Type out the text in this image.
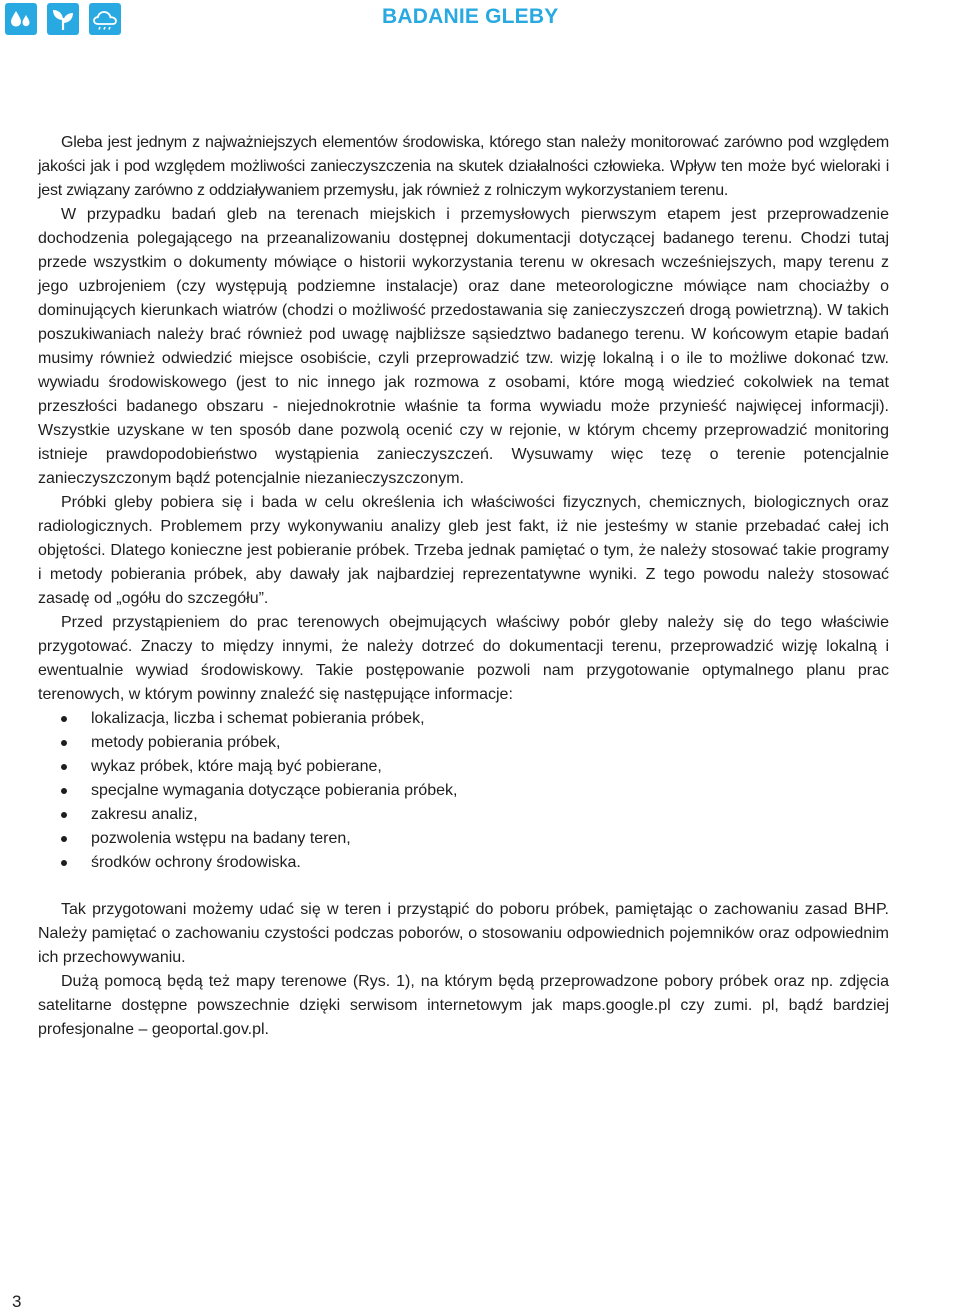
BADANIE GLEBY

Gleba jest jednym z najważniejszych elementów środowiska, którego stan należy monitorować zarówno pod względem jakości jak i pod względem możliwości zanieczyszczenia na skutek działalności człowieka. Wpływ ten może być wieloraki i jest związany zarówno z oddziaływaniem przemysłu, jak również z rolniczym wykorzystaniem terenu.

W przypadku badań gleb na terenach miejskich i przemysłowych pierwszym etapem jest przeprowadzenie dochodzenia polegającego na przeanalizowaniu dostępnej dokumentacji dotyczącej badanego terenu. Chodzi tutaj przede wszystkim o dokumenty mówiące o historii wykorzystania terenu w okresach wcześniejszych, mapy terenu z jego uzbrojeniem (czy występują podziemne instalacje) oraz dane meteorologiczne mówiące nam chociażby o dominujących kierunkach wiatrów (chodzi o możliwość przedostawania się zanieczyszczeń drogą powietrzną). W takich poszukiwaniach należy brać również pod uwagę najbliższe sąsiedztwo badanego terenu. W końcowym etapie badań musimy również odwiedzić miejsce osobiście, czyli przeprowadzić tzw. wizję lokalną i o ile to możliwe dokonać tzw. wywiadu środowiskowego (jest to nic innego jak rozmowa z osobami, które mogą wiedzieć cokolwiek na temat przeszłości badanego obszaru - niejednokrotnie właśnie ta forma wywiadu może przynieść najwięcej informacji). Wszystkie uzyskane w ten sposób dane pozwolą ocenić czy w rejonie, w którym chcemy przeprowadzić monitoring istnieje prawdopodobieństwo wystąpienia zanieczyszczeń. Wysuwamy więc tezę o terenie potencjalnie zanieczyszczonym bądź potencjalnie niezanieczyszczonym.

Próbki gleby pobiera się i bada w celu określenia ich właściwości fizycznych, chemicznych, biologicznych oraz radiologicznych. Problemem przy wykonywaniu analizy gleb jest fakt, iż nie jesteśmy w stanie przebadać całej ich objętości. Dlatego konieczne jest pobieranie próbek. Trzeba jednak pamiętać o tym, że należy stosować takie programy i metody pobierania próbek, aby dawały jak najbardziej reprezentatywne wyniki. Z tego powodu należy stosować zasadę od „ogółu do szczegółu”.

Przed przystąpieniem do prac terenowych obejmujących właściwy pobór gleby należy się do tego właściwie przygotować. Znaczy to między innymi, że należy dotrzeć do dokumentacji terenu, przeprowadzić wizję lokalną i ewentualnie wywiad środowiskowy. Takie postępowanie pozwoli nam przygotowanie optymalnego planu prac terenowych, w którym powinny znaleźć się następujące informacje:

lokalizacja, liczba i schemat pobierania próbek,
metody pobierania próbek,
wykaz próbek, które mają być pobierane,
specjalne wymagania dotyczące pobierania próbek,
zakresu analiz,
pozwolenia wstępu na badany teren,
środków ochrony środowiska.

Tak przygotowani możemy udać się w teren i przystąpić do poboru próbek, pamiętając o zachowaniu zasad BHP. Należy pamiętać o zachowaniu czystości podczas poborów, o stosowaniu odpowiednich pojemników oraz odpowiednim ich przechowywaniu.

Dużą pomocą będą też mapy terenowe (Rys. 1), na którym będą przeprowadzone pobory próbek oraz np. zdjęcia satelitarne dostępne powszechnie dzięki serwisom internetowym jak maps.google.pl czy zumi. pl, bądź bardziej profesjonalne – geoportal.gov.pl.

3
